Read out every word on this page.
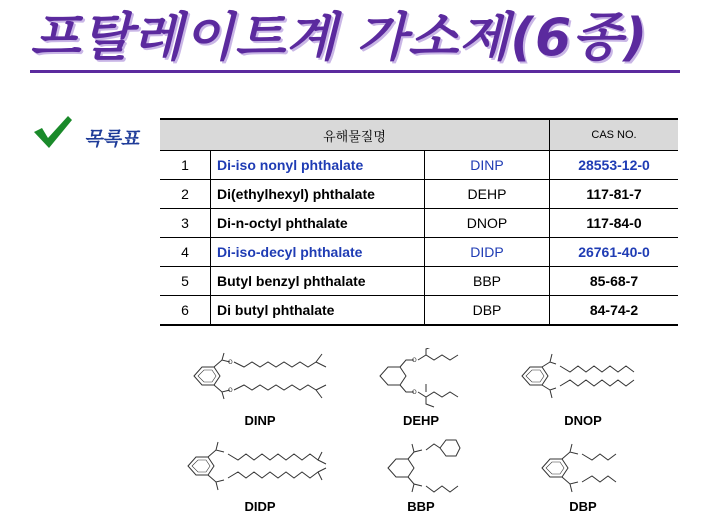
프탈레이트계 가소제(6종)
목록표	유해물질명			CAS NO.
1	Di-iso nonyl phthalate	DINP	28553-12-0
2	Di(ethylhexyl) phthalate	DEHP	117-81-7
3	Di-n-octyl phthalate	DNOP	117-84-0
4	Di-iso-decyl phthalate	DIDP	26761-40-0
5	Butyl benzyl phthalate	BBP	85-68-7
6	Di butyl phthalate	DBP	84-74-2
O
O
DINP
O
O
DEHP	DNOP
DIDP	BBP	DBP
